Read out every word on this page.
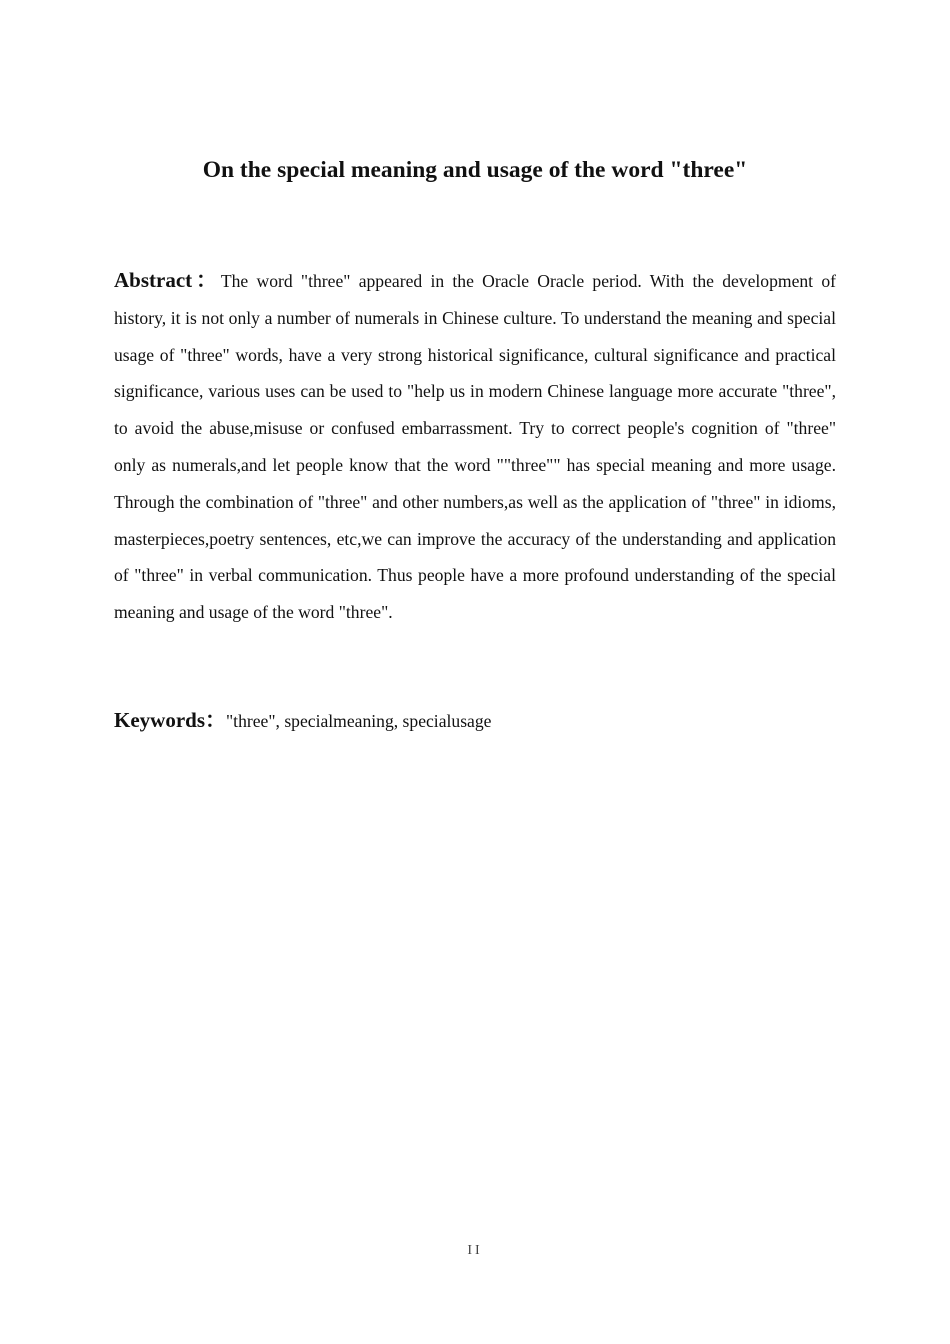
On the special meaning and usage of the word "three"

Abstract：The word "three" appeared in the Oracle Oracle period. With the development of history, it is not only a number of numerals in Chinese culture. To understand the meaning and special usage of "three" words, have a very strong historical significance, cultural significance and practical significance, various uses can be used to "help us in modern Chinese language more accurate "three", to avoid the abuse,misuse or confused embarrassment. Try to correct people's cognition of "three" only as numerals,and let people know that the word ""three"" has special meaning and more usage. Through the combination of "three" and other numbers,as well as the application of "three" in idioms, masterpieces,poetry sentences, etc,we can improve the accuracy of the understanding and application of "three" in verbal communication. Thus people have a more profound understanding of the special meaning and usage of the word "three".

Keywords："three", specialmeaning, specialusage

II
